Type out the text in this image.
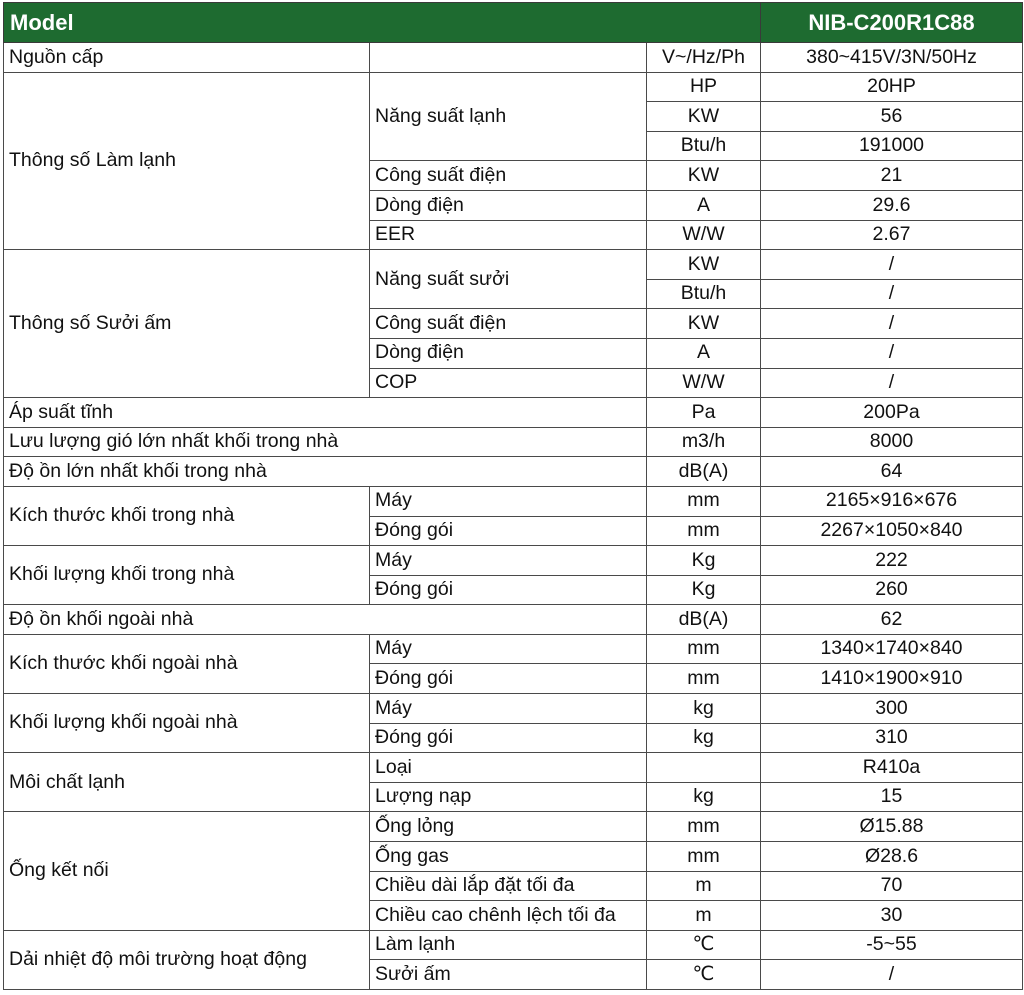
Model			NIB-C200R1C88
Nguồn cấp		V~/Hz/Ph	380~415V/3N/50Hz
Thông số Làm lạnh	Năng suất lạnh	HP	20HP
		KW	56
		Btu/h	191000
	Công suất điện	KW	21
	Dòng điện	A	29.6
	EER	W/W	2.67
Thông số Sưởi ấm	Năng suất sưởi	KW	/
		Btu/h	/
	Công suất điện	KW	/
	Dòng điện	A	/
	COP	W/W	/
Áp suất tĩnh		Pa	200Pa
Lưu lượng gió lớn nhất khối trong nhà		m3/h	8000
Độ ồn lớn nhất khối trong nhà		dB(A)	64
Kích thước khối trong nhà	Máy	mm	2165×916×676
	Đóng gói	mm	2267×1050×840
Khối lượng khối trong nhà	Máy	Kg	222
	Đóng gói	Kg	260
Độ ồn khối ngoài nhà		dB(A)	62
Kích thước khối ngoài nhà	Máy	mm	1340×1740×840
	Đóng gói	mm	1410×1900×910
Khối lượng khối ngoài nhà	Máy	kg	300
	Đóng gói	kg	310
Môi chất lạnh	Loại		R410a
	Lượng nạp	kg	15
Ống kết nối	Ống lỏng	mm	Ø15.88
	Ống gas	mm	Ø28.6
	Chiều dài lắp đặt tối đa	m	70
	Chiều cao chênh lệch tối đa	m	30
Dải nhiệt độ môi trường hoạt động	Làm lạnh	℃	-5~55
	Sưởi ấm	℃	/
